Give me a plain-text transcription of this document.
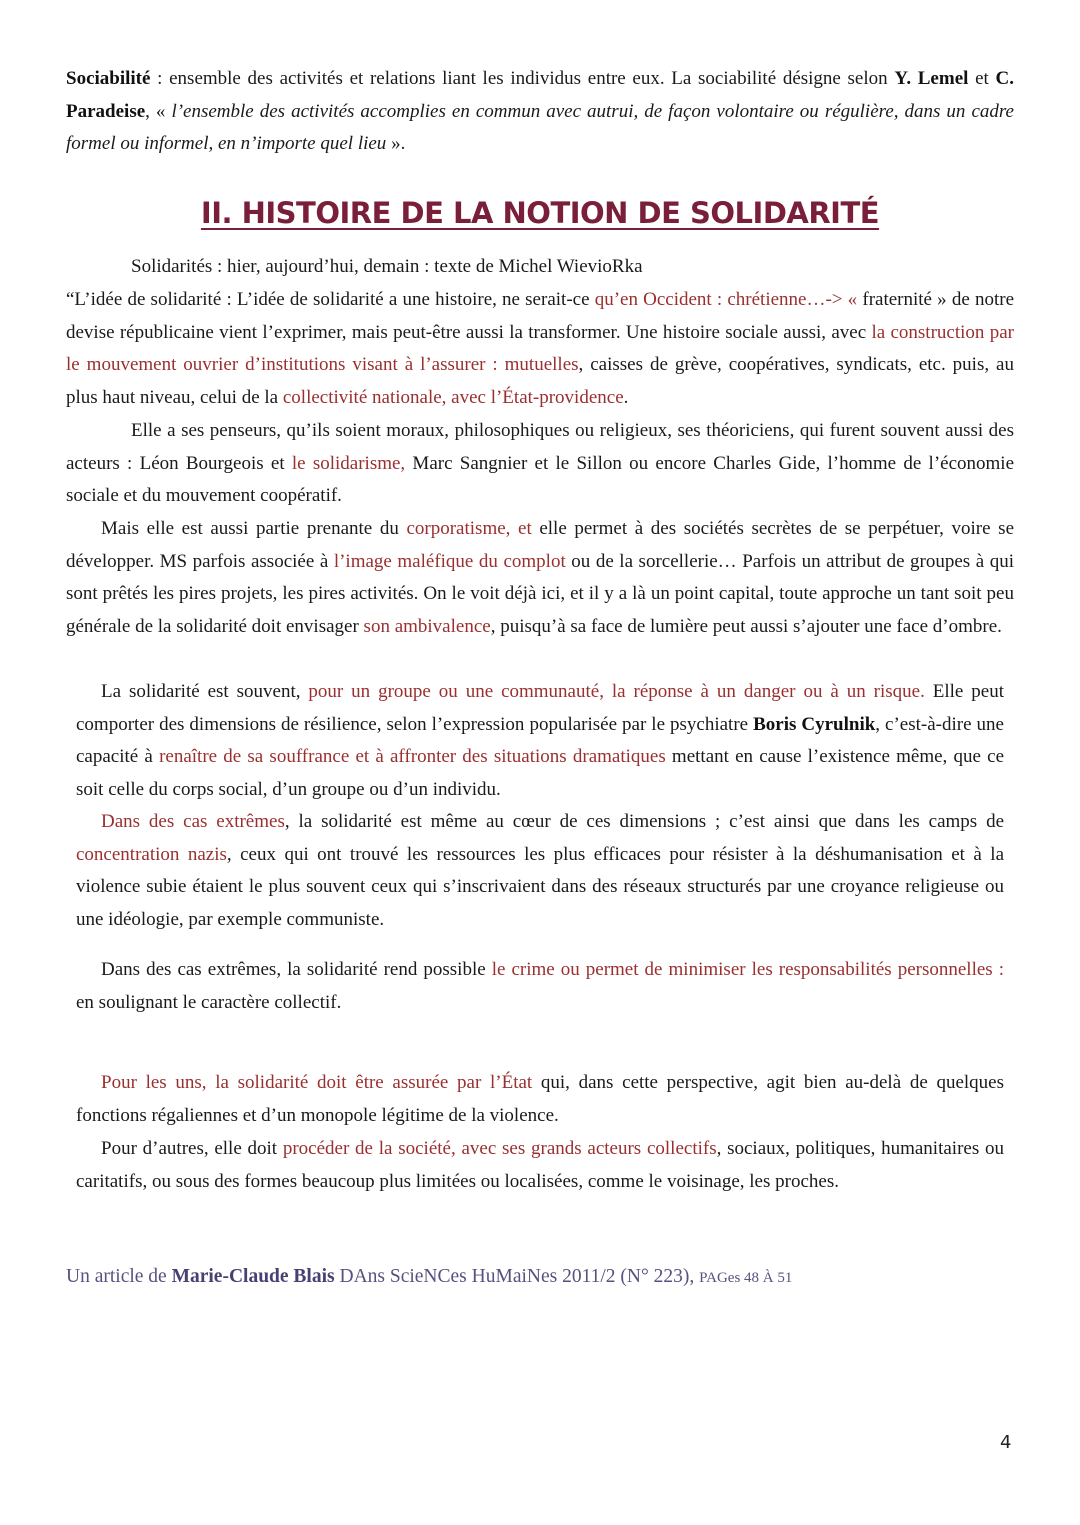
Sociabilité : ensemble des activités et relations liant les individus entre eux. La sociabilité désigne selon Y. Lemel et C. Paradeise, « l’ensemble des activités accomplies en commun avec autrui, de façon volontaire ou régulière, dans un cadre formel ou informel, en n’importe quel lieu ».

II. HISTOIRE DE LA NOTION DE SOLIDARITÉ

Solidarités : hier, aujourd’hui, demain : texte de Michel WievioRka

“L’idée de solidarité : L’idée de solidarité a une histoire, ne serait-ce qu’en Occident : chrétienne…-> « fraternité » de notre devise républicaine vient l’exprimer, mais peut-être aussi la transformer. Une histoire sociale aussi, avec la construction par le mouvement ouvrier d’institutions visant à l’assurer : mutuelles, caisses de grève, coopératives, syndicats, etc. puis, au plus haut niveau, celui de la collectivité nationale, avec l’État-providence.

Elle a ses penseurs, qu’ils soient moraux, philosophiques ou religieux, ses théoriciens, qui furent souvent aussi des acteurs : Léon Bourgeois et le solidarisme, Marc Sangnier et le Sillon ou encore Charles Gide, l’homme de l’économie sociale et du mouvement coopératif.

Mais elle est aussi partie prenante du corporatisme, et elle permet à des sociétés secrètes de se perpétuer, voire se développer. MS parfois associée à l’image maléfique du complot ou de la sorcellerie… Parfois un attribut de groupes à qui sont prêtés les pires projets, les pires activités. On le voit déjà ici, et il y a là un point capital, toute approche un tant soit peu générale de la solidarité doit envisager son ambivalence, puisqu’à sa face de lumière peut aussi s’ajouter une face d’ombre.

La solidarité est souvent, pour un groupe ou une communauté, la réponse à un danger ou à un risque. Elle peut comporter des dimensions de résilience, selon l’expression popularisée par le psychiatre Boris Cyrulnik, c’est-à-dire une capacité à renaître de sa souffrance et à affronter des situations dramatiques mettant en cause l’existence même, que ce soit celle du corps social, d’un groupe ou d’un individu.

Dans des cas extrêmes, la solidarité est même au cœur de ces dimensions ; c’est ainsi que dans les camps de concentration nazis, ceux qui ont trouvé les ressources les plus efficaces pour résister à la déshumanisation et à la violence subie étaient le plus souvent ceux qui s’inscrivaient dans des réseaux structurés par une croyance religieuse ou une idéologie, par exemple communiste.

Dans des cas extrêmes, la solidarité rend possible le crime ou permet de minimiser les responsabilités personnelles : en soulignant le caractère collectif.

Pour les uns, la solidarité doit être assurée par l’État qui, dans cette perspective, agit bien au-delà de quelques fonctions régaliennes et d’un monopole légitime de la violence.

Pour d’autres, elle doit procéder de la société, avec ses grands acteurs collectifs, sociaux, politiques, humanitaires ou caritatifs, ou sous des formes beaucoup plus limitées ou localisées, comme le voisinage, les proches.

Un article de Marie-Claude Blais DAns ScieNCes HuMaiNes 2011/2 (N° 223), PAGes 48 À 51
4
